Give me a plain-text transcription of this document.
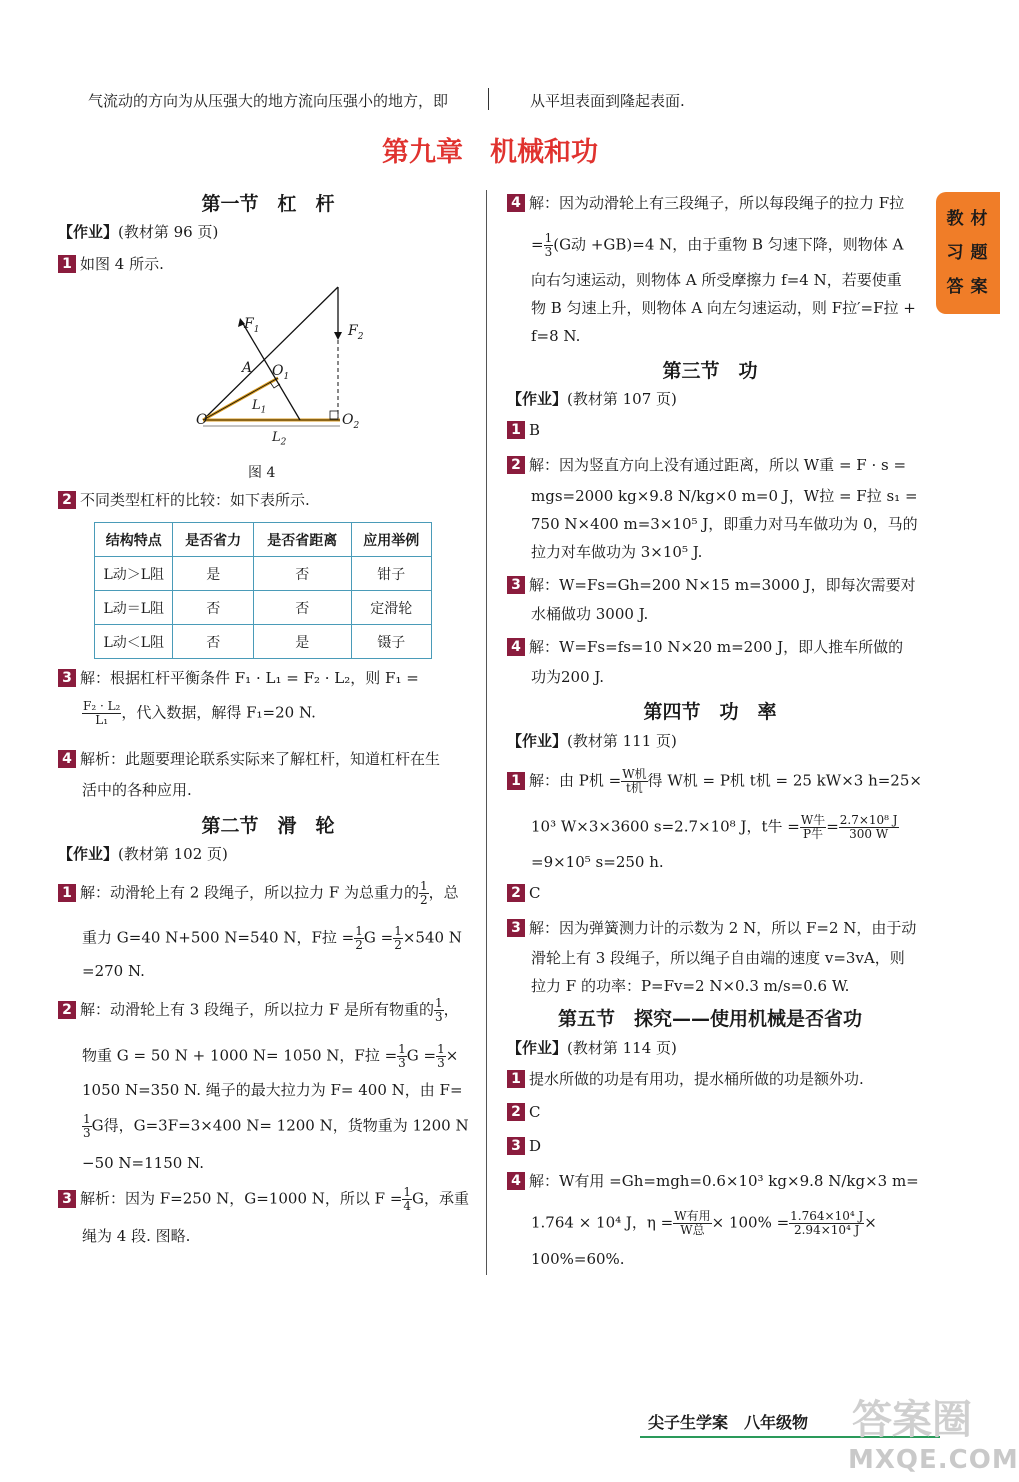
气流动的方向为从压强大的地方流向压强小的地方，即	从平坦表面到隆起表面.
第九章　机械和功
教
习
答
材
题
案
第一节　杠　杆
【作业】(教材第 96 页)
1 如图 4 所示.
$F_1$	$F_2$
A $O_1$
$L_1$
O	$O_2$
$L_2$
图 4
2 不同类型杠杆的比较：如下表所示.
结构特点	是否省力	是否省距离	应用举例
L动＞L阻	是	否	钳子
L动＝L阻	否	否	定滑轮
L动＜L阻	否	是	镊子
3 解：根据杠杆平衡条件 F₁ · L₁ = F₂ · L₂，则 F₁ =
$\frac{\text{F₂ · L₂}}{\text{L₁}}$ ，代入数据，解得 F₁=20 N.
4 解析：此题要理论联系实际来了解杠杆，知道杠杆在生
活中的各种应用.
第二节　滑　轮
【作业】(教材第 102 页)
1 解：动滑轮上有 2 段绳子，所以拉力 F 为总重力的 $\frac{1}{2}$ ，总
重力 G=40 N+500 N=540 N，F拉 = $\frac{1}{2}$ $G = \frac{1}{2} \times 540$ N
=270 N.
2 解：动滑轮上有 3 段绳子，所以拉力 F 是所有物重的 $\frac{1}{3}$ ，
物重 G = 50 N + 1000 N= 1050 N，F拉 = $\frac{1}{3}$ $G = \frac{1}{3}$ ×
1050 N=350 N. 绳子的最大拉力为 F= 400 N，由 F=
$\frac{1}{3}$ G得，G=3F=3×400 N= 1200 N，货物重为 1200 N
−50 N=1150 N.
3 解析：因为 F=250 N，G=1000 N，所以 $F = \frac{1}{4}$ G，承重
绳为 4 段. 图略.
4 解：因为动滑轮上有三段绳子，所以每段绳子的拉力 F拉
= $\frac{1}{3} (G$动 +GB)=4 N，由于重物 B 匀速下降，则物体 A
向右匀速运动，则物体 A 所受摩擦力 f=4 N，若要使重
物 B 匀速上升，则物体 A 向左匀速运动，则 F拉′=F拉 +
f=8 N.
第三节　功
【作业】(教材第 107 页)
1 B
2 解：因为竖直方向上没有通过距离，所以 W重 = F · s =
mgs=2000 kg×9.8 N/kg×0 m=0 J，W拉 = F拉 s₁ =
750 N×400 m=3×10⁵ J，即重力对马车做功为 0，马的
拉力对车做功为 3×10⁵ J.
3 解：W=Fs=Gh=200 N×15 m=3000 J，即每次需要对
水桶做功 3000 J.
4 解：W=Fs=fs=10 N×20 m=200 J，即人推车所做的
功为200 J.
第四节　功　率
【作业】(教材第 111 页)
1 解：由 P机 = $\frac{\text{W机}}{\text{t机}}$ 得 W机 = P机 t机 = 25 kW×3 h=25×
10³ W×3×3600 s=2.7×10⁸ J，t牛 = $\frac{\text{W牛}}{\text{P牛}} = \frac{\text{2.7×10⁸ J}}{300 W}$
=9×10⁵ s=250 h.
2 C
3 解：因为弹簧测力计的示数为 2 N，所以 F=2 N，由于动
滑轮上有 3 段绳子，所以绳子自由端的速度 v=3vA，则
拉力 F 的功率：P=Fv=2 N×0.3 m/s=0.6 W.
第五节　探究——使用机械是否省功
【作业】(教材第 114 页)
1 提水所做的功是有用功，提水桶所做的功是额外功.
2 C
3 D
4 解：W有用 =Gh=mgh=0.6×10³ kg×9.8 N/kg×3 m=
1.764 × 10⁴ J，$\eta = \frac{\text{W有用}}{\text{W总}} \times 100\% = \frac{\text{1.764×10⁴ J}}{\text{2.94×10⁴ J}}$ ×
100%=60%.
尖子生学案　八年级物 答案圈
MXQE.COM
